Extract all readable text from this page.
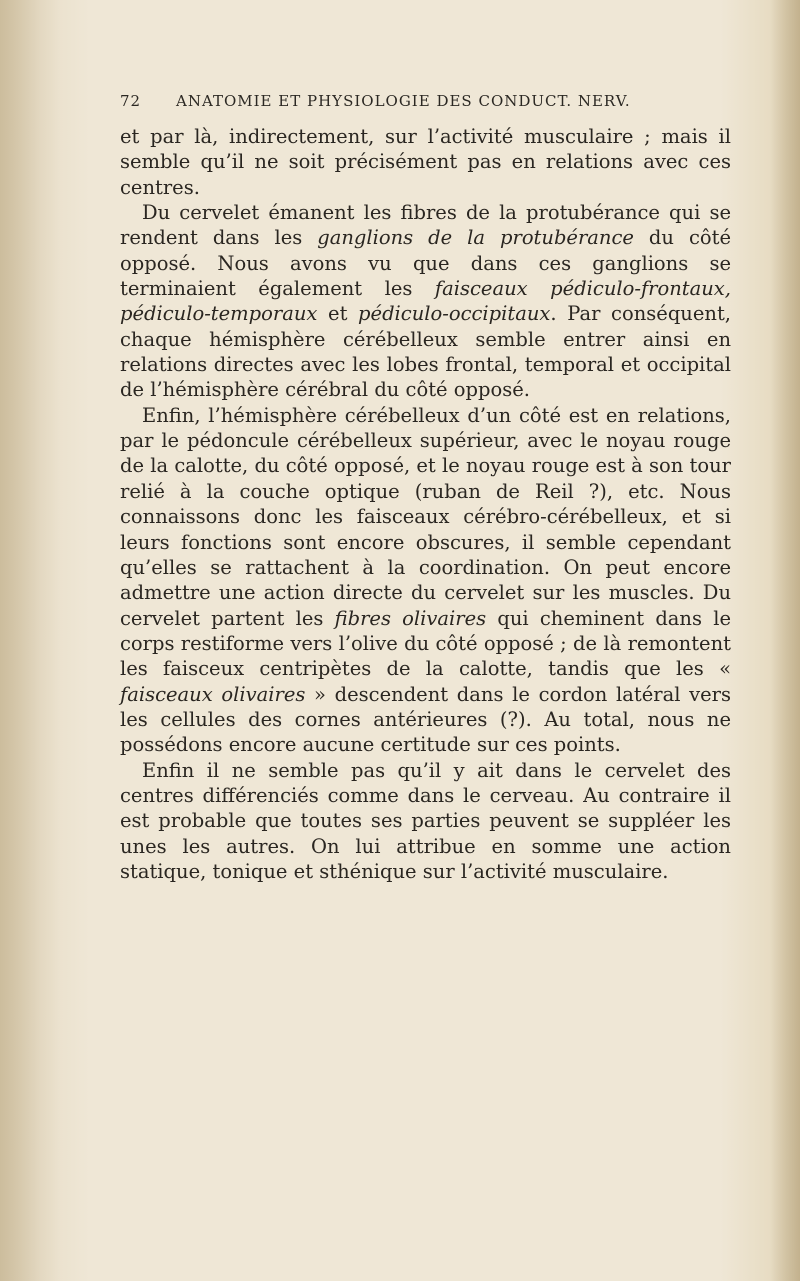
72 ANATOMIE ET PHYSIOLOGIE DES CONDUCT. NERV.

et par là, indirectement, sur l’activité musculaire ; mais il semble qu’il ne soit précisément pas en relations avec ces centres.

Du cervelet émanent les fibres de la protubérance qui se rendent dans les ganglions de la protubérance du côté opposé. Nous avons vu que dans ces ganglions se terminaient également les faisceaux pédiculo-frontaux, pédiculo-temporaux et pédiculo-occipitaux. Par conséquent, chaque hémisphère cérébelleux semble entrer ainsi en relations directes avec les lobes frontal, temporal et occipital de l’hémisphère cérébral du côté opposé.

Enfin, l’hémisphère cérébelleux d’un côté est en relations, par le pédoncule cérébelleux supérieur, avec le noyau rouge de la calotte, du côté opposé, et le noyau rouge est à son tour relié à la couche optique (ruban de Reil ?), etc. Nous connaissons donc les faisceaux cérébro-cérébelleux, et si leurs fonctions sont encore obscures, il semble cependant qu’elles se rattachent à la coordination. On peut encore admettre une action directe du cervelet sur les muscles. Du cervelet partent les fibres olivaires qui cheminent dans le corps restiforme vers l’olive du côté opposé ; de là remontent les faisceux centripètes de la calotte, tandis que les « faisceaux olivaires » descendent dans le cordon latéral vers les cellules des cornes antérieures (?). Au total, nous ne possédons encore aucune certitude sur ces points.

Enfin il ne semble pas qu’il y ait dans le cervelet des centres différenciés comme dans le cerveau. Au contraire il est probable que toutes ses parties peuvent se suppléer les unes les autres. On lui attribue en somme une action statique, tonique et sthénique sur l’activité musculaire.
